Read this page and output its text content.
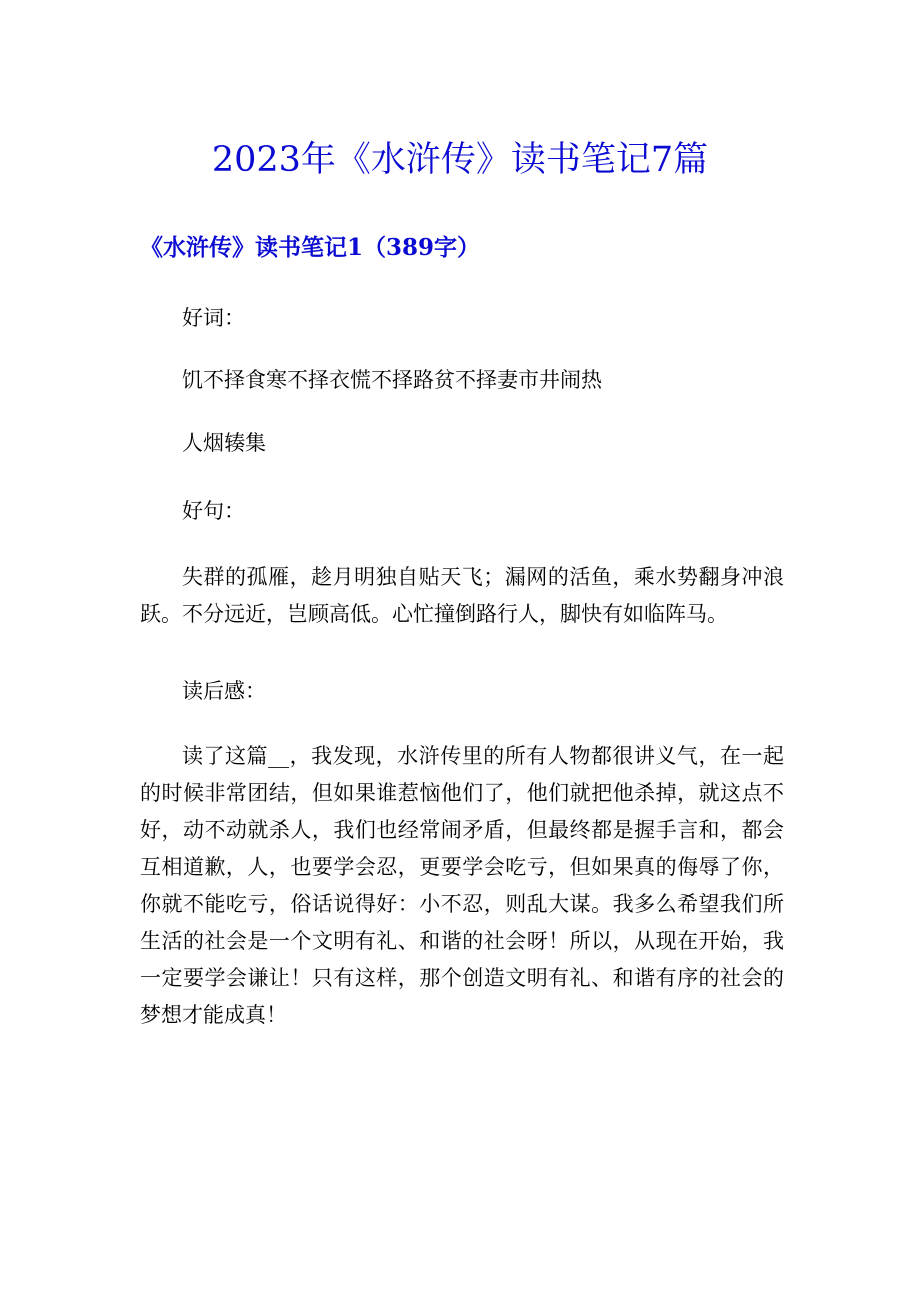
2023年《水浒传》读书笔记7篇
《水浒传》读书笔记1（389字）

好词：

饥不择食寒不择衣慌不择路贫不择妻市井闹热

人烟辏集

好句：

失群的孤雁，趁月明独自贴天飞；漏网的活鱼，乘水势翻身冲浪跃。不分远近，岂顾高低。心忙撞倒路行人，脚快有如临阵马。

读后感：

读了这篇__，我发现，水浒传里的所有人物都很讲义气，在一起的时候非常团结，但如果谁惹恼他们了，他们就把他杀掉，就这点不好，动不动就杀人，我们也经常闹矛盾，但最终都是握手言和，都会互相道歉，人，也要学会忍，更要学会吃亏，但如果真的侮辱了你，你就不能吃亏，俗话说得好：小不忍，则乱大谋。我多么希望我们所生活的社会是一个文明有礼、和谐的社会呀！所以，从现在开始，我一定要学会谦让！只有这样，那个创造文明有礼、和谐有序的社会的梦想才能成真！
